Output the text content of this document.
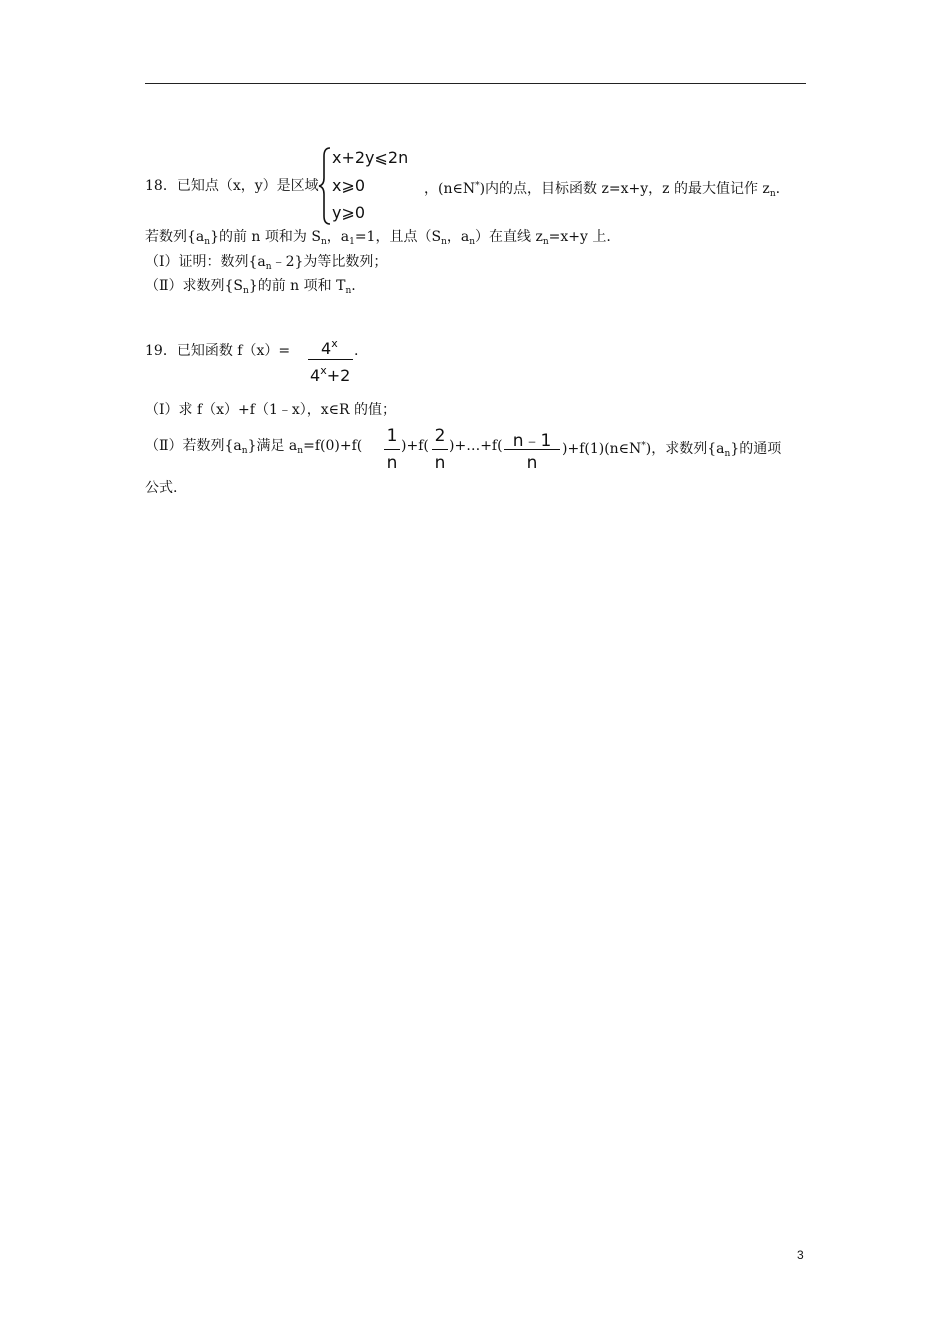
18．已知点（x，y）是区域
x+2y⩽2n
x⩾0
y⩾0
，(n∈N*)内的点，目标函数 z=x+y，z 的最大值记作 $z_n$.
若数列$\{a_n\}$的前 n 项和为 $S_n$，$a_1=1$，且点（$S_n$，$a_n$）在直线 $z_n=x+y$ 上.
（Ⅰ）证明：数列$\{a_n﹣2\}$为等比数列；
（Ⅱ）求数列$\{S_n\}$的前 n 项和 $T_n$.
19．已知函数 $f(x)= 4^x$
$4^x+2$
.
（Ⅰ）求 f（x）+f（1﹣x），x∈R 的值；
（Ⅱ）若数列$\{a_n\}$满足 $a_n=f(0)+f$( 1
n
)+f( 2
n
)+…+f( n﹣1
n
)+f(1)(n∈N*)，求数列$\{a_n\}$的通项
公式.
3
